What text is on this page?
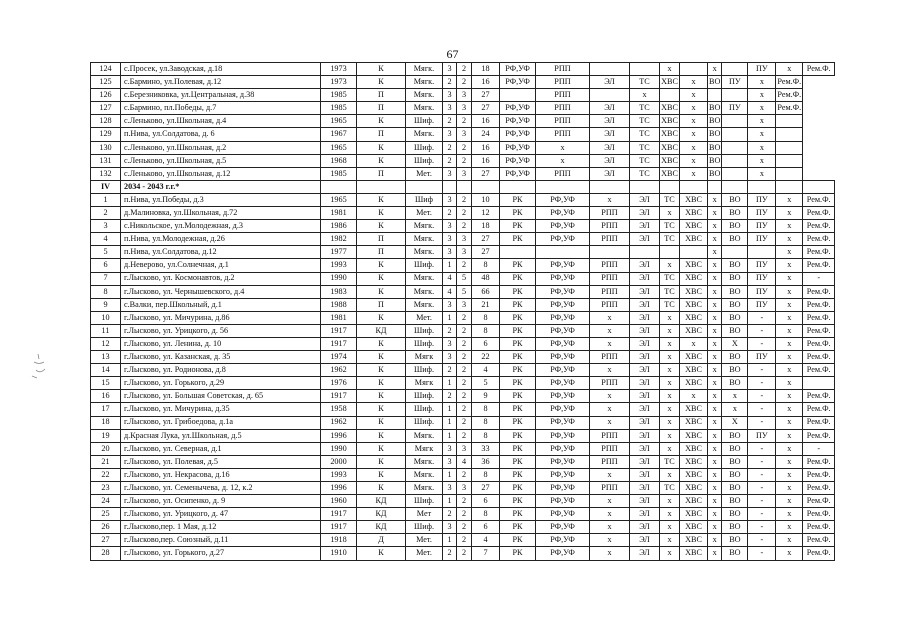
67
124	с.Просек, ул.Заводская, д.18	1973	К	Мягк.	3	2	18	РФ,УФ	РПП			х		х		ПУ	х	Рем.Ф.
125	с.Бармино, ул.Полевая, д.12	1973	К	Мягк.	2	2	16	РФ,УФ	РПП	ЭЛ	ТС	ХВС	х	ВО	ПУ	х	Рем.Ф.	
126	с.Березниковка, ул.Центральная, д.38	1985	П	Мягк.	3	3	27		РПП		х		х			х	Рем.Ф.	
127	с.Бармино, пл.Победы, д.7	1985	П	Мягк.	3	3	27	РФ,УФ	РПП	ЭЛ	ТС	ХВС	х	ВО	ПУ	х	Рем.Ф.	
128	с.Леньково, ул.Школьная, д.4	1965	К	Шиф.	2	2	16	РФ,УФ	РПП	ЭЛ	ТС	ХВС	х	ВО		х		
129	п.Нива, ул.Солдатова, д. 6	1967	П	Мягк.	3	3	24	РФ,УФ	РПП	ЭЛ	ТС	ХВС	х	ВО		х		
130	с.Леньково, ул.Школьная, д.2	1965	К	Шиф.	2	2	16	РФ,УФ	х	ЭЛ	ТС	ХВС	х	ВО		х		
131	с.Леньково, ул.Школьная, д.5	1968	К	Шиф.	2	2	16	РФ,УФ	х	ЭЛ	ТС	ХВС	х	ВО		х		
132	с.Леньково, ул.Школьная, д.12	1985	П	Мет.	3	3	27	РФ,УФ	РПП	ЭЛ	ТС	ХВС	х	ВО		х		
IV	2034 - 2043 г.г.*																	
1	п.Нива, ул.Победы, д.3	1965	К	Шиф	3	2	10	РК	РФ,УФ	х	ЭЛ	ТС	ХВС	х	ВО	ПУ	х	Рем.Ф.
2	д.Малиновка, ул.Школьная, д.72	1981	К	Мет.	2	2	12	РК	РФ,УФ	РПП	ЭЛ	х	ХВС	х	ВО	ПУ	х	Рем.Ф.
3	с.Никольское, ул.Молодежная, д.3	1986	К	Мягк.	3	2	18	РК	РФ,УФ	РПП	ЭЛ	ТС	ХВС	х	ВО	ПУ	х	Рем.Ф.
4	п.Нива, ул.Молодежная, д.26	1982	П	Мягк.	3	3	27	РК	РФ,УФ	РПП	ЭЛ	ТС	ХВС	х	ВО	ПУ	х	Рем.Ф.
5	п.Нива, ул.Солдатова, д.12	1977	П	Мягк.	3	3	27							х			х	Рем.Ф.
6	д.Неверово, ул.Солнечная, д.1	1993	К	Шиф.	1	2	8	РК	РФ,УФ	РПП	ЭЛ	х	ХВС	х	ВО	ПУ	х	Рем.Ф.
7	г.Лысково, ул. Космонавтов, д.2	1990	К	Мягк.	4	5	48	РК	РФ,УФ	РПП	ЭЛ	ТС	ХВС	х	ВО	ПУ	х	-
8	г.Лысково, ул. Чернышевского, д.4	1983	К	Мягк.	4	5	66	РК	РФ,УФ	РПП	ЭЛ	ТС	ХВС	х	ВО	ПУ	х	Рем.Ф.
9	с.Валки, пер.Школьный, д.1	1988	П	Мягк.	3	3	21	РК	РФ,УФ	РПП	ЭЛ	ТС	ХВС	х	ВО	ПУ	х	Рем.Ф.
10	г.Лысково, ул. Мичурина, д.86	1981	К	Мет.	1	2	8	РК	РФ,УФ	х	ЭЛ	х	ХВС	х	ВО	-	х	Рем.Ф.
11	г.Лысково, ул. Урицкого, д. 56	1917	КД	Шиф.	2	2	8	РК	РФ,УФ	х	ЭЛ	х	ХВС	х	ВО	-	х	Рем.Ф.
12	г.Лысково, ул. Ленина, д. 10	1917	К	Шиф.	3	2	6	РК	РФ,УФ	х	ЭЛ	х	х	х	Х	-	х	Рем.Ф.
13	г.Лысково, ул. Казанская, д. 35	1974	К	Мягк	3	2	22	РК	РФ,УФ	РПП	ЭЛ	х	ХВС	х	ВО	ПУ	х	Рем.Ф.
14	г.Лысково, ул. Родионова, д.8	1962	К	Шиф.	2	2	4	РК	РФ,УФ	х	ЭЛ	х	ХВС	х	ВО	-	х	Рем.Ф.
15	г.Лысково, ул. Горького, д.29	1976	К	Мягк	1	2	5	РК	РФ,УФ	РПП	ЭЛ	х	ХВС	х	ВО	-	х	
16	г.Лысково, ул. Большая Советская, д. 65	1917	К	Шиф.	2	2	9	РК	РФ,УФ	х	ЭЛ	х	х	х	х	-	х	Рем.Ф.
17	г.Лысково, ул. Мичурина, д.35	1958	К	Шиф.	1	2	8	РК	РФ,УФ	х	ЭЛ	х	ХВС	х	х	-	х	Рем.Ф.
18	г.Лысково, ул. Грибоедова, д.1а	1962	К	Шиф.	1	2	8	РК	РФ,УФ	х	ЭЛ	х	ХВС	х	Х	-	х	Рем.Ф.
19	д.Красная Лука, ул.Школьная, д.5	1996	К	Мягк.	1	2	8	РК	РФ,УФ	РПП	ЭЛ	х	ХВС	х	ВО	ПУ	х	Рем.Ф.
20	г.Лысково, ул. Северная, д.1	1990	К	Мягк	3	3	33	РК	РФ,УФ	РПП	ЭЛ	х	ХВС	х	ВО	-	х	-
21	г.Лысково, ул. Полевая, д.5	2000	К	Мягк.	3	4	36	РК	РФ,УФ	РПП	ЭЛ	ТС	ХВС	х	ВО	-	х	Рем.Ф.
22	г.Лысково, ул. Некрасова, д.16	1993	К	Мягк.	1	2	8	РК	РФ,УФ	х	ЭЛ	х	ХВС	х	ВО	-	х	Рем.Ф.
23	г.Лысково, ул. Семенычева, д. 12, к.2	1996	К	Мягк.	3	3	27	РК	РФ,УФ	РПП	ЭЛ	ТС	ХВС	х	ВО	-	х	Рем.Ф.
24	г.Лысково, ул. Осипенко, д. 9	1960	КД	Шиф.	1	2	6	РК	РФ,УФ	х	ЭЛ	х	ХВС	х	ВО	-	х	Рем.Ф.
25	г.Лысково, ул. Урицкого, д. 47	1917	КД	Мет	2	2	8	РК	РФ,УФ	х	ЭЛ	х	ХВС	х	ВО	-	х	Рем.Ф.
26	г.Лысково,пер. 1 Мая, д.12	1917	КД	Шиф.	3	2	6	РК	РФ,УФ	х	ЭЛ	х	ХВС	х	ВО	-	х	Рем.Ф.
27	г.Лысково,пер. Союзный, д.11	1918	Д	Мет.	1	2	4	РК	РФ,УФ	х	ЭЛ	х	ХВС	х	ВО	-	х	Рем.Ф.
28	г.Лысково, ул. Горького, д.27	1910	К	Мет.	2	2	7	РК	РФ,УФ	х	ЭЛ	х	ХВС	х	ВО	-	х	Рем.Ф.
